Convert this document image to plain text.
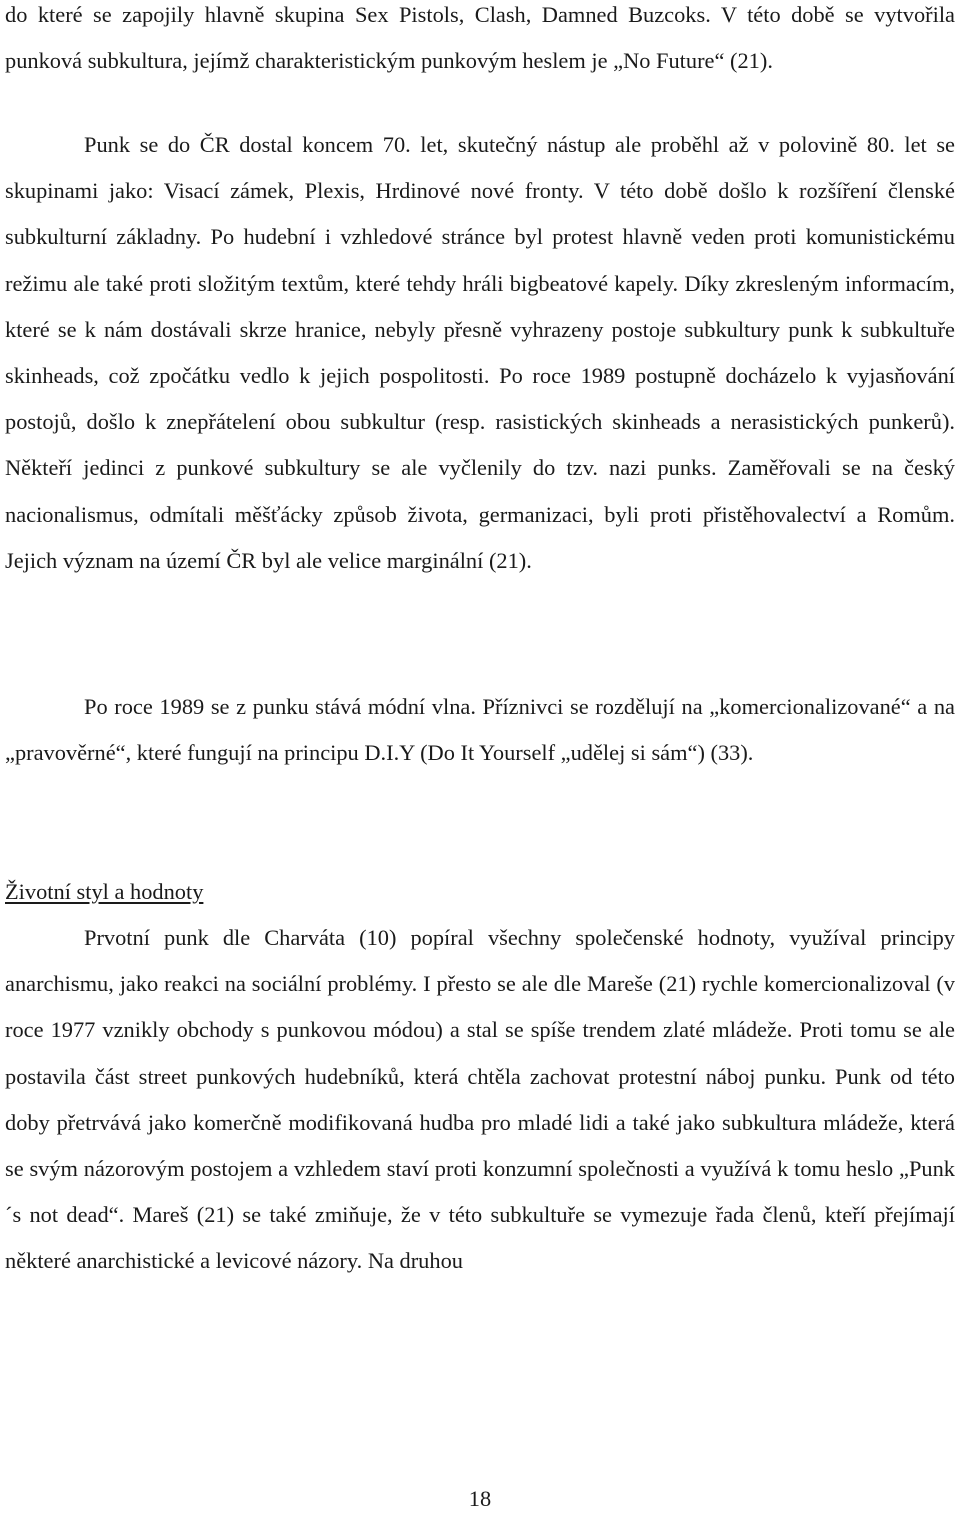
do které se zapojily hlavně skupina Sex Pistols, Clash, Damned Buzcoks. V této době se vytvořila punková subkultura, jejímž charakteristickým punkovým heslem je „No Future“ (21).

Punk se do ČR dostal koncem 70. let, skutečný nástup ale proběhl až v polovině 80. let se skupinami jako: Visací zámek, Plexis, Hrdinové nové fronty. V této době došlo k rozšíření členské subkulturní základny. Po hudební i vzhledové stránce byl protest hlavně veden proti komunistickému režimu ale také proti složitým textům, které tehdy hráli bigbeatové kapely. Díky zkresleným informacím, které se k nám dostávali skrze hranice, nebyly přesně vyhrazeny postoje subkultury punk k subkultuře skinheads, což zpočátku vedlo k jejich pospolitosti. Po roce 1989 postupně docházelo k vyjasňování postojů, došlo k znepřátelení obou subkultur (resp. rasistických skinheads a nerasistických punkerů). Někteří jedinci z punkové subkultury se ale vyčlenily do tzv. nazi punks. Zaměřovali se na český nacionalismus, odmítali měšťácky způsob života, germanizaci, byli proti přistěhovalectví a Romům. Jejich význam na území ČR byl ale velice marginální (21).

Po roce 1989 se z punku stává módní vlna. Příznivci se rozdělují na „komercionalizované“ a na „pravověrné“, které fungují na principu D.I.Y (Do It Yourself „udělej si sám“) (33).

Životní styl a hodnoty

Prvotní punk dle Charváta (10) popíral všechny společenské hodnoty, využíval principy anarchismu, jako reakci na sociální problémy. I přesto se ale dle Mareše (21) rychle komercionalizoval (v roce 1977 vznikly obchody s punkovou módou) a stal se spíše trendem zlaté mládeže. Proti tomu se ale postavila část street punkových hudebníků, která chtěla zachovat protestní náboj punku. Punk od této doby přetrvává jako komerčně modifikovaná hudba pro mladé lidi a také jako subkultura mládeže, která se svým názorovým postojem a vzhledem staví proti konzumní společnosti a využívá k tomu heslo „Punk´s not dead“. Mareš (21) se také zmiňuje, že v této subkultuře se vymezuje řada členů, kteří přejímají některé anarchistické a levicové názory. Na druhou

18
